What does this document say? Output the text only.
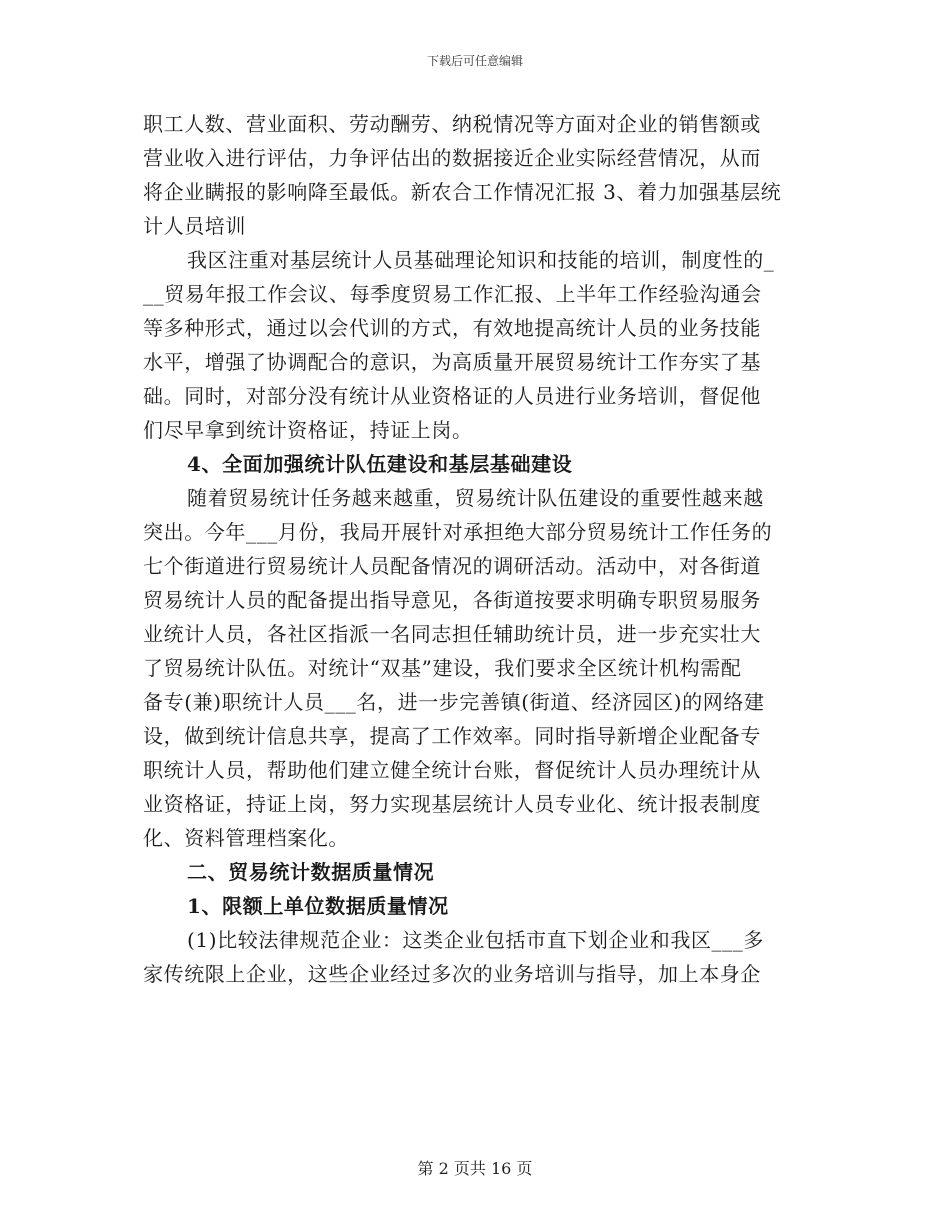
下载后可任意编辑

职工人数、营业面积、劳动酬劳、纳税情况等方面对企业的销售额或

营业收入进行评估，力争评估出的数据接近企业实际经营情况，从而

将企业瞒报的影响降至最低。新农合工作情况汇报 3、着力加强基层统

计人员培训

我区注重对基层统计人员基础理论知识和技能的培训，制度性的_

__贸易年报工作会议、每季度贸易工作汇报、上半年工作经验沟通会

等多种形式，通过以会代训的方式，有效地提高统计人员的业务技能

水平，增强了协调配合的意识，为高质量开展贸易统计工作夯实了基

础。同时，对部分没有统计从业资格证的人员进行业务培训，督促他

们尽早拿到统计资格证，持证上岗。

4、全面加强统计队伍建设和基层基础建设

随着贸易统计任务越来越重，贸易统计队伍建设的重要性越来越

突出。今年___月份，我局开展针对承担绝大部分贸易统计工作任务的

七个街道进行贸易统计人员配备情况的调研活动。活动中，对各街道

贸易统计人员的配备提出指导意见，各街道按要求明确专职贸易服务

业统计人员，各社区指派一名同志担任辅助统计员，进一步充实壮大

了贸易统计队伍。对统计“双基”建设，我们要求全区统计机构需配

备专(兼)职统计人员___名，进一步完善镇(街道、经济园区)的网络建

设，做到统计信息共享，提高了工作效率。同时指导新增企业配备专

职统计人员，帮助他们建立健全统计台账，督促统计人员办理统计从

业资格证，持证上岗，努力实现基层统计人员专业化、统计报表制度

化、资料管理档案化。

二、贸易统计数据质量情况

1、限额上单位数据质量情况

(1)比较法律规范企业：这类企业包括市直下划企业和我区___多

家传统限上企业，这些企业经过多次的业务培训与指导，加上本身企

第 2 页共 16 页
